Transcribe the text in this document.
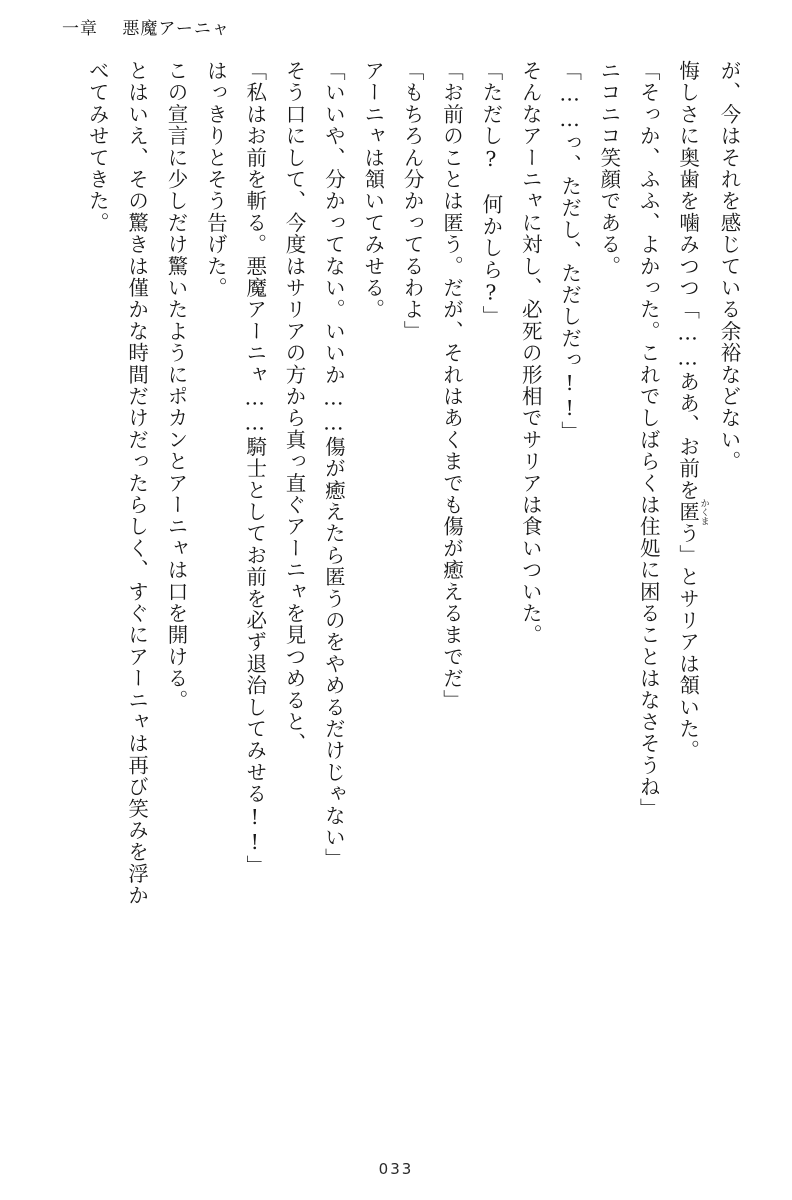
一章 悪魔アーニャ

が、今はそれを感じている余裕などない。

悔しさに奥歯を噛みつつ「……ああ、お前を匿 かくまう」とサリアは頷いた。

「そっか、ふふ、よかった。これでしばらくは住処に困ることはなさそうね」

ニコニコ笑顔である。

「……っ、ただし、ただしだっ!!」

そんなアーニャに対し、必死の形相でサリアは食いついた。

「ただし?　何かしら?」

「お前のことは匿う。だが、それはあくまでも傷が癒えるまでだ」

「もちろん分かってるわよ」

アーニャは頷いてみせる。

「いいや、分かってない。いいか……傷が癒えたら匿うのをやめるだけじゃない」

そう口にして、今度はサリアの方から真っ直ぐアーニャを見つめると、

「私はお前を斬る。悪魔アーニャ……騎士としてお前を必ず退治してみせる!!」

はっきりとそう告げた。

この宣言に少しだけ驚いたようにポカンとアーニャは口を開ける。

とはいえ、その驚きは僅かな時間だけだったらしく、すぐにアーニャは再び笑みを浮か

べてみせてきた。

033
